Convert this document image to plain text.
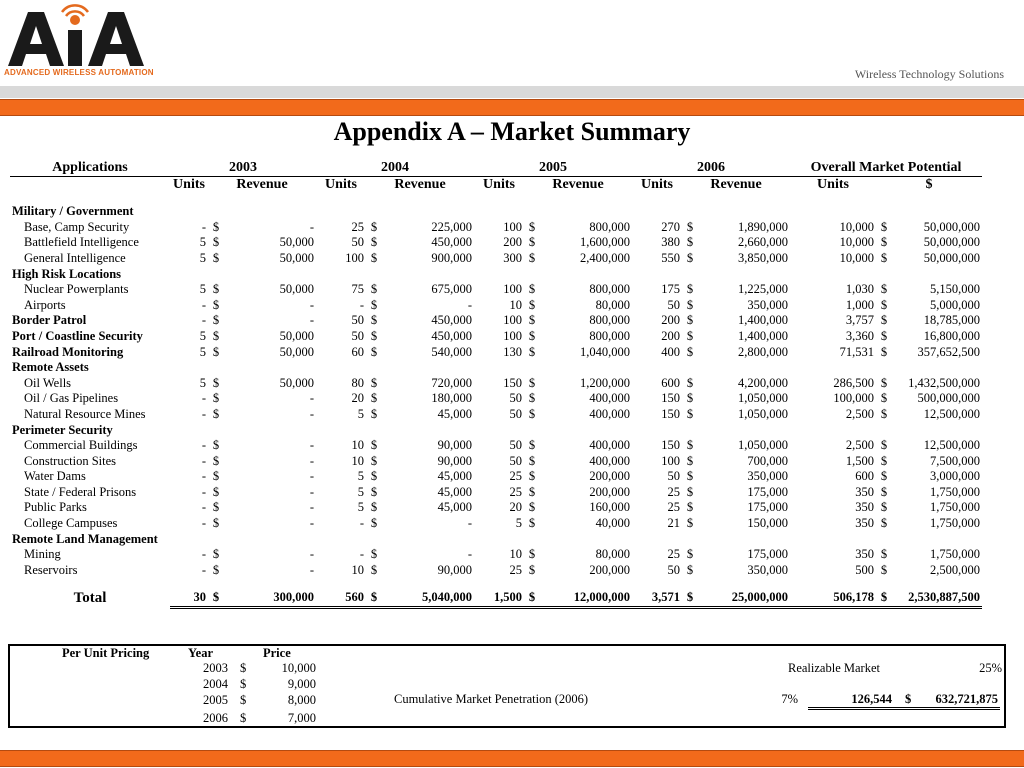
ADVANCED WIRELESS AUTOMATION	Wireless Technology Solutions
Appendix A – Market Summary
Applications	2003			2004			2005			2006			Overall Market Potential		
	Units	Revenue		Units	Revenue		Units	Revenue		Units	Revenue		Units	$	

Military / Government															
Base, Camp Security	-	$	-	25	$	225,000	100	$	800,000	270	$	1,890,000	10,000	$	50,000,000
Battlefield Intelligence	5	$	50,000	50	$	450,000	200	$	1,600,000	380	$	2,660,000	10,000	$	50,000,000
General Intelligence	5	$	50,000	100	$	900,000	300	$	2,400,000	550	$	3,850,000	10,000	$	50,000,000
High Risk Locations															
Nuclear Powerplants	5	$	50,000	75	$	675,000	100	$	800,000	175	$	1,225,000	1,030	$	5,150,000
Airports	-	$	-	-	$	-	10	$	80,000	50	$	350,000	1,000	$	5,000,000
Border Patrol	-	$	-	50	$	450,000	100	$	800,000	200	$	1,400,000	3,757	$	18,785,000
Port / Coastline Security	5	$	50,000	50	$	450,000	100	$	800,000	200	$	1,400,000	3,360	$	16,800,000
Railroad Monitoring	5	$	50,000	60	$	540,000	130	$	1,040,000	400	$	2,800,000	71,531	$	357,652,500
Remote Assets															
Oil Wells	5	$	50,000	80	$	720,000	150	$	1,200,000	600	$	4,200,000	286,500	$	1,432,500,000
Oil / Gas Pipelines	-	$	-	20	$	180,000	50	$	400,000	150	$	1,050,000	100,000	$	500,000,000
Natural Resource Mines	-	$	-	5	$	45,000	50	$	400,000	150	$	1,050,000	2,500	$	12,500,000
Perimeter Security															
Commercial Buildings	-	$	-	10	$	90,000	50	$	400,000	150	$	1,050,000	2,500	$	12,500,000
Construction Sites	-	$	-	10	$	90,000	50	$	400,000	100	$	700,000	1,500	$	7,500,000
Water Dams	-	$	-	5	$	45,000	25	$	200,000	50	$	350,000	600	$	3,000,000
State / Federal Prisons	-	$	-	5	$	45,000	25	$	200,000	25	$	175,000	350	$	1,750,000
Public Parks	-	$	-	5	$	45,000	20	$	160,000	25	$	175,000	350	$	1,750,000
College Campuses	-	$	-	-	$	-	5	$	40,000	21	$	150,000	350	$	1,750,000
Remote Land Management															
Mining	-	$	-	-	$	-	10	$	80,000	25	$	175,000	350	$	1,750,000
Reservoirs	-	$	-	10	$	90,000	25	$	200,000	50	$	350,000	500	$	2,500,000

Total	30	$	300,000	560	$	5,040,000	1,500	$	12,000,000	3,571	$	25,000,000	506,178	$	2,530,887,500
Per Unit Pricing	Year	Price
2003 $	10,000
2004 $	9,000
2005 $	8,000
2006 $	7,000
Realizable Market	25%
Cumulative Market Penetration (2006)	7%	126,544 $ 632,721,875
